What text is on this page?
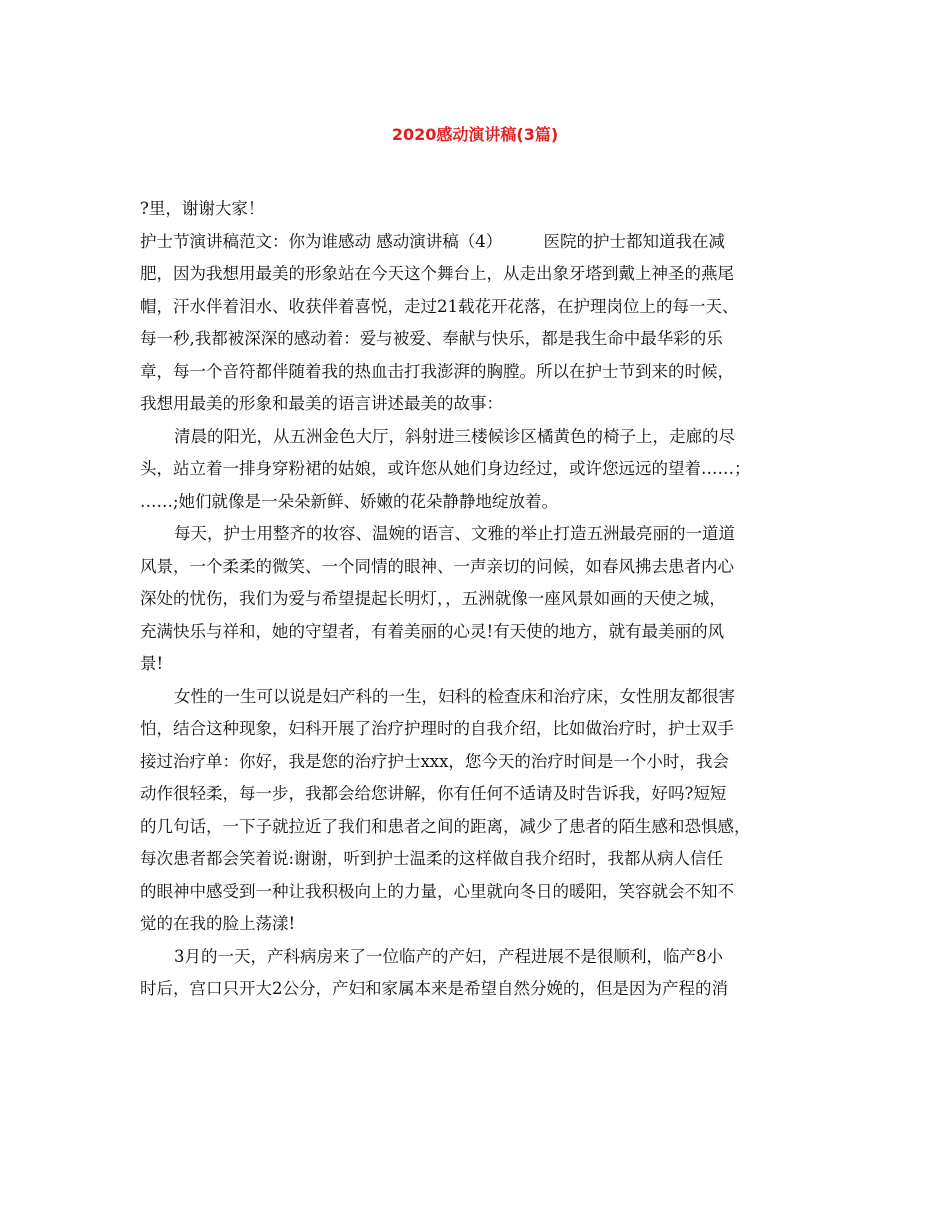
2020感动演讲稿(3篇)

?里，谢谢大家！

护士节演讲稿范文：你为谁感动 感动演讲稿（4）　　　医院的护士都知道我在减

肥，因为我想用最美的形象站在今天这个舞台上，从走出象牙塔到戴上神圣的燕尾

帽，汗水伴着泪水、收获伴着喜悦，走过21载花开花落，在护理岗位上的每一天、

每一秒,我都被深深的感动着：爱与被爱、奉献与快乐，都是我生命中最华彩的乐

章，每一个音符都伴随着我的热血击打我澎湃的胸膛。所以在护士节到来的时候，

我想用最美的形象和最美的语言讲述最美的故事：

清晨的阳光，从五洲金色大厅，斜射进三楼候诊区橘黄色的椅子上，走廊的尽

头，站立着一排身穿粉裙的姑娘，或许您从她们身边经过，或许您远远的望着……；

……;她们就像是一朵朵新鲜、娇嫩的花朵静静地绽放着。

每天，护士用整齐的妆容、温婉的语言、文雅的举止打造五洲最亮丽的一道道

风景，一个柔柔的微笑、一个同情的眼神、一声亲切的问候，如春风拂去患者内心

深处的忧伤，我们为爱与希望提起长明灯，，五洲就像一座风景如画的天使之城，

充满快乐与祥和，她的守望者，有着美丽的心灵!有天使的地方，就有最美丽的风

景!

女性的一生可以说是妇产科的一生，妇科的检查床和治疗床，女性朋友都很害

怕，结合这种现象，妇科开展了治疗护理时的自我介绍，比如做治疗时，护士双手

接过治疗单：你好，我是您的治疗护士xxx，您今天的治疗时间是一个小时，我会

动作很轻柔，每一步，我都会给您讲解，你有任何不适请及时告诉我，好吗?短短

的几句话，一下子就拉近了我们和患者之间的距离，减少了患者的陌生感和恐惧感，

每次患者都会笑着说:谢谢，听到护士温柔的这样做自我介绍时，我都从病人信任

的眼神中感受到一种让我积极向上的力量，心里就向冬日的暖阳，笑容就会不知不

觉的在我的脸上荡漾!

3月的一天，产科病房来了一位临产的产妇，产程进展不是很顺利，临产8小

时后，宫口只开大2公分，产妇和家属本来是希望自然分娩的，但是因为产程的消
